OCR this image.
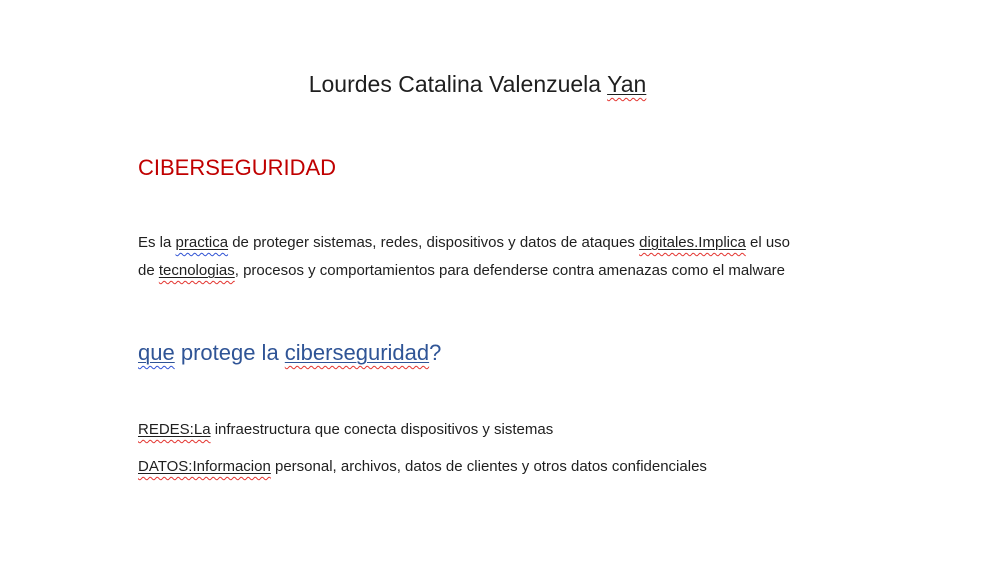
Lourdes Catalina Valenzuela Yan
CIBERSEGURIDAD
Es la practica de proteger sistemas, redes, dispositivos y datos de ataques digitales.Implica el uso
de tecnologias, procesos y comportamientos para defenderse contra amenazas como el malware
que protege la ciberseguridad?
REDES:La infraestructura que conecta dispositivos y sistemas
DATOS:Informacion personal, archivos, datos de clientes y otros datos confidenciales
